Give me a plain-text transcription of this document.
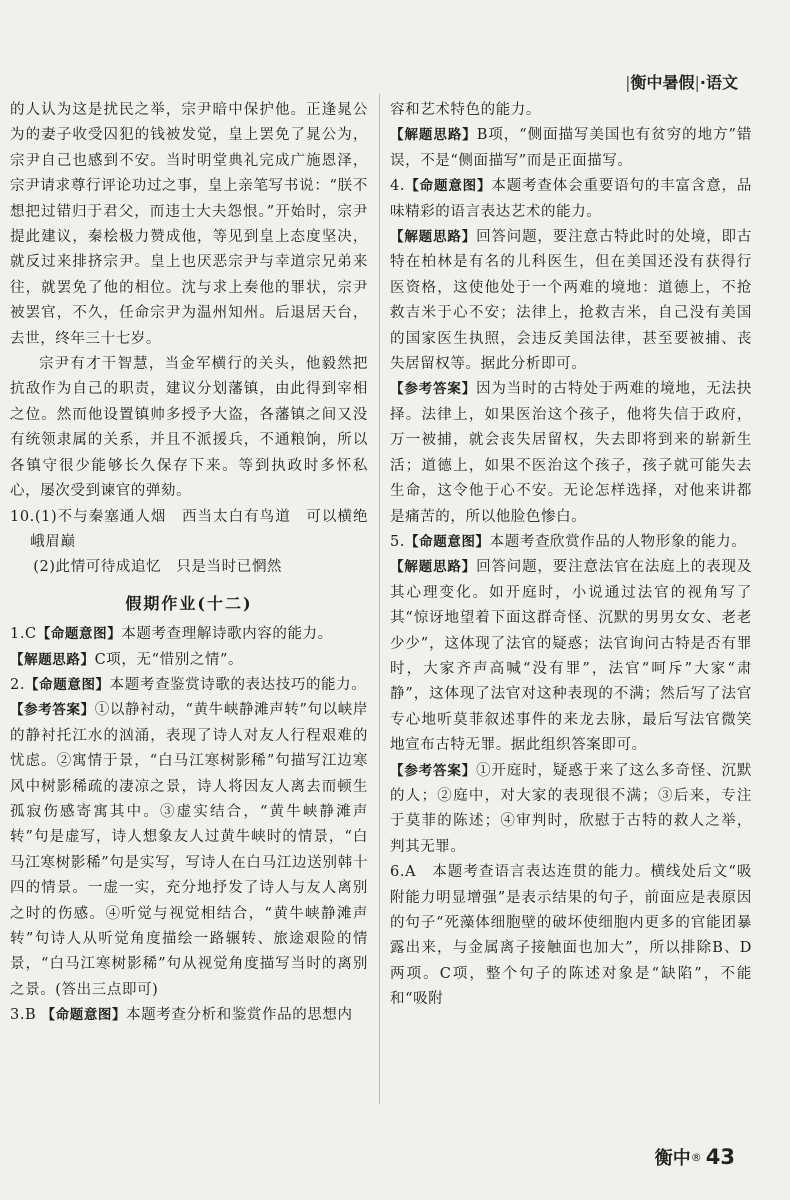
|衡中暑假|·语文

的人认为这是扰民之举，宗尹暗中保护他。正逢晁公为的妻子收受囚犯的钱被发觉，皇上罢免了晁公为，宗尹自己也感到不安。当时明堂典礼完成广施恩泽，宗尹请求尊行评论功过之事，皇上亲笔写书说：“朕不想把过错归于君父，而违士大夫怨恨。”开始时，宗尹提此建议，秦桧极力赞成他，等见到皇上态度坚决，就反过来排挤宗尹。皇上也厌恶宗尹与幸道宗兄弟来往，就罢免了他的相位。沈与求上奏他的罪状，宗尹被罢官，不久，任命宗尹为温州知州。后退居天台，去世，终年三十七岁。

宗尹有才干智慧，当金军横行的关头，他毅然把抗敌作为自己的职责，建议分划藩镇，由此得到宰相之位。然而他设置镇帅多授予大盗，各藩镇之间又没有统领隶属的关系，并且不派援兵，不通粮饷，所以各镇守很少能够长久保存下来。等到执政时多怀私心，屡次受到谏官的弹劾。

10.(1)不与秦塞通人烟　西当太白有鸟道　可以横绝峨眉巅

(2)此情可待成追忆　只是当时已惘然

假期作业(十二)

1.C【命题意图】本题考查理解诗歌内容的能力。

【解题思路】C项，无“惜别之情”。

2.【命题意图】本题考查鉴赏诗歌的表达技巧的能力。

【参考答案】①以静衬动，“黄牛峡静滩声转”句以峡岸的静衬托江水的汹涌，表现了诗人对友人行程艰难的忧虑。②寓情于景，“白马江寒树影稀”句描写江边寒风中树影稀疏的凄凉之景，诗人将因友人离去而顿生孤寂伤感寄寓其中。③虚实结合，“黄牛峡静滩声转”句是虚写，诗人想象友人过黄牛峡时的情景，“白马江寒树影稀”句是实写，写诗人在白马江边送别韩十四的情景。一虚一实，充分地抒发了诗人与友人离别之时的伤感。④听觉与视觉相结合，“黄牛峡静滩声转”句诗人从听觉角度描绘一路辗转、旅途艰险的情景，“白马江寒树影稀”句从视觉角度描写当时的离别之景。(答出三点即可)

3.B 【命题意图】本题考查分析和鉴赏作品的思想内

容和艺术特色的能力。

【解题思路】B项，“侧面描写美国也有贫穷的地方”错误，不是“侧面描写”而是正面描写。

4.【命题意图】本题考查体会重要语句的丰富含意，品味精彩的语言表达艺术的能力。

【解题思路】回答问题，要注意古特此时的处境，即古特在柏林是有名的儿科医生，但在美国还没有获得行医资格，这使他处于一个两难的境地：道德上，不抢救吉米于心不安；法律上，抢救吉米，自己没有美国的国家医生执照，会违反美国法律，甚至要被捕、丧失居留权等。据此分析即可。

【参考答案】因为当时的古特处于两难的境地，无法抉择。法律上，如果医治这个孩子，他将失信于政府，万一被捕，就会丧失居留权，失去即将到来的崭新生活；道德上，如果不医治这个孩子，孩子就可能失去生命，这令他于心不安。无论怎样选择，对他来讲都是痛苦的，所以他脸色惨白。

5.【命题意图】本题考查欣赏作品的人物形象的能力。

【解题思路】回答问题，要注意法官在法庭上的表现及其心理变化。如开庭时，小说通过法官的视角写了其“惊讶地望着下面这群奇怪、沉默的男男女女、老老少少”，这体现了法官的疑惑；法官询问古特是否有罪时，大家齐声高喊“没有罪”，法官“呵斥”大家“肃静”，这体现了法官对这种表现的不满；然后写了法官专心地听莫菲叙述事件的来龙去脉，最后写法官微笑地宣布古特无罪。据此组织答案即可。

【参考答案】①开庭时，疑惑于来了这么多奇怪、沉默的人；②庭中，对大家的表现很不满；③后来，专注于莫菲的陈述；④审判时，欣慰于古特的救人之举，判其无罪。

6.A　 本题考查语言表达连贯的能力。横线处后文“吸附能力明显增强”是表示结果的句子，前面应是表原因的句子“死藻体细胞壁的破坏使细胞内更多的官能团暴露出来，与金属离子接触面也加大”，所以排除B、D两项。C项，整个句子的陈述对象是“缺陷”，不能和“吸附

衡中® 43
